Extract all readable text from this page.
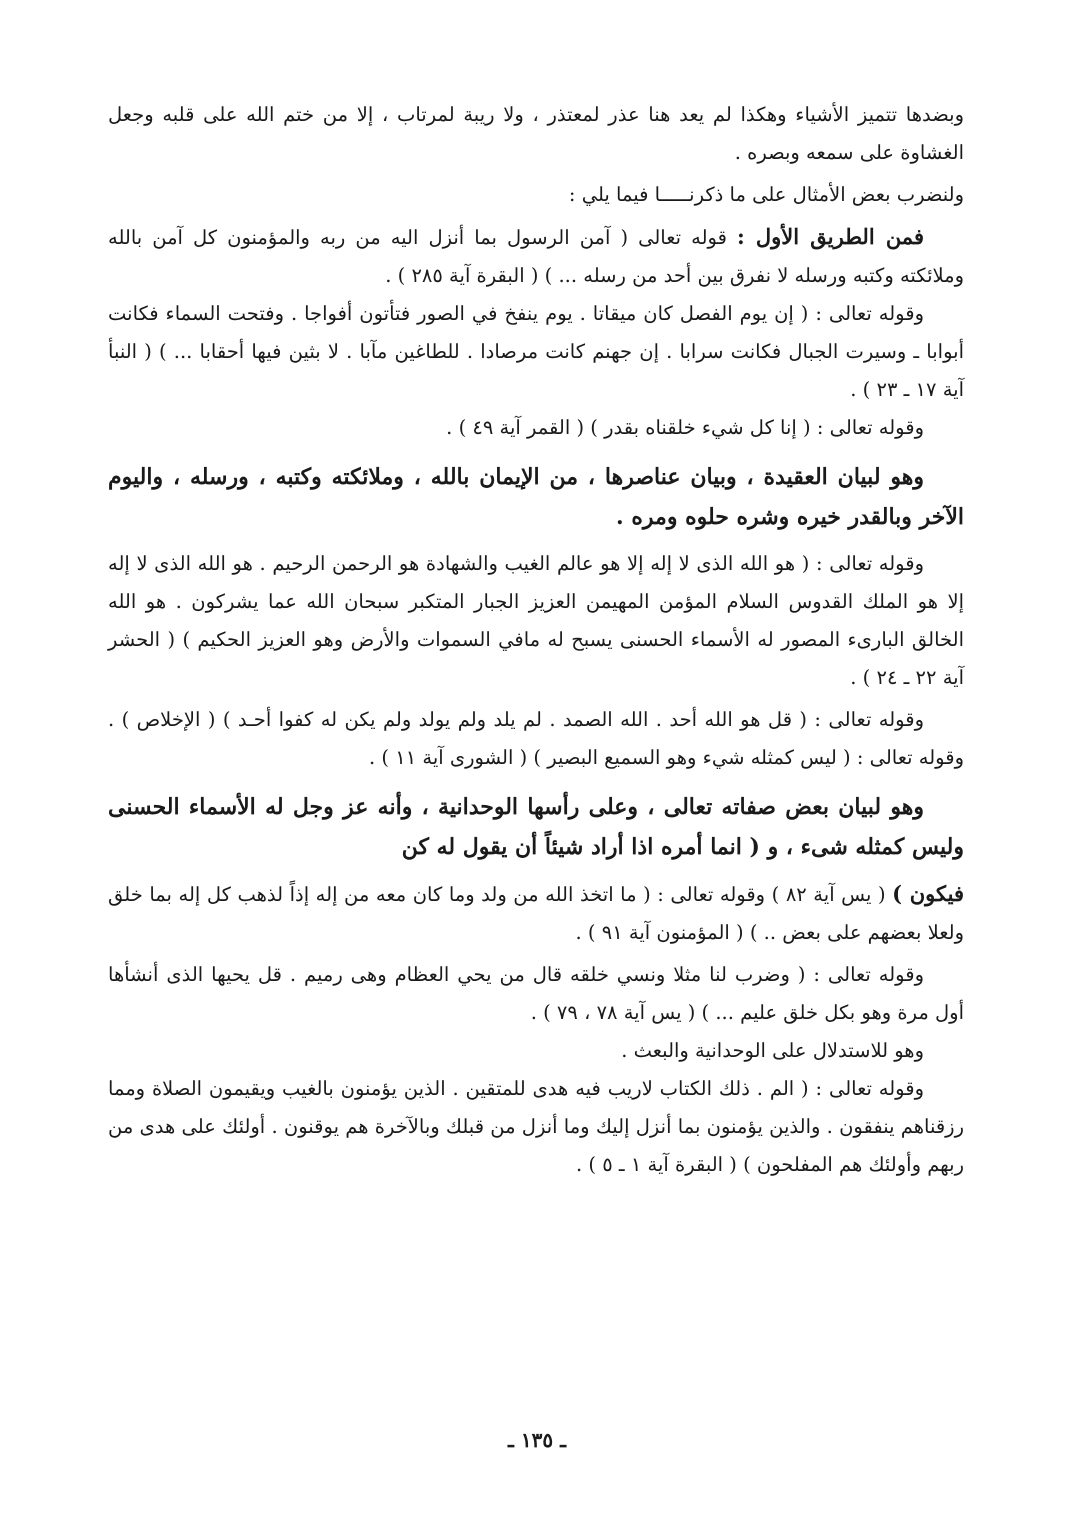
وبضدها تتميز الأشياء وهكذا لم يعد هنا عذر لمعتذر ، ولا ريبة لمرتاب ، إلا من ختم الله على قلبه وجعل الغشاوة على سمعه وبصره .

ولنضرب بعض الأمثال على ما ذكرنـــــا فيما يلي :

فمن الطريق الأول : قوله تعالى ( آمن الرسول بما أنزل اليه من ربه والمؤمنون كل آمن بالله وملائكته وكتبه ورسله لا نفرق بين أحد من رسله ... ) ( البقرة آية ٢٨٥ ) .

وقوله تعالى : ( إن يوم الفصل كان ميقاتا . يوم ينفخ في الصور فتأتون أفواجا . وفتحت السماء فكانت أبوابا ـ وسيرت الجبال فكانت سرابا . إن جهنم كانت مرصادا . للطاغين مآبا . لا بثين فيها أحقابا ... ) ( النبأ آية ١٧ ـ ٢٣ ) .

وقوله تعالى : ( إنا كل شيء خلقناه بقدر ) ( القمر آية ٤٩ ) .

وهو لبيان العقيدة ، وبيان عناصرها ، من الإيمان بالله ، وملائكته وكتبه ، ورسله ، واليوم الآخر وبالقدر خيره وشره حلوه ومره .

وقوله تعالى : ( هو الله الذى لا إله إلا هو عالم الغيب والشهادة هو الرحمن الرحيم . هو الله الذى لا إله إلا هو الملك القدوس السلام المؤمن المهيمن العزيز الجبار المتكبر سبحان الله عما يشركون . هو الله الخالق البارىء المصور له الأسماء الحسنى يسبح له مافي السموات والأرض وهو العزيز الحكيم ) ( الحشر آية ٢٢ ـ ٢٤ ) .

وقوله تعالى : ( قل هو الله أحد . الله الصمد . لم يلد ولم يولد ولم يكن له كفوا أحـد ) ( الإخلاص ) . وقوله تعالى : ( ليس كمثله شيء وهو السميع البصير ) ( الشورى آية ١١ ) .

وهو لبيان بعض صفاته تعالى ، وعلى رأسها الوحدانية ، وأنه عز وجل له الأسماء الحسنى وليس كمثله شىء ، و ( انما أمره اذا أراد شيئاً أن يقول له كن

فيكون ) ( يس آية ٨٢ ) وقوله تعالى : ( ما اتخذ الله من ولد وما كان معه من إله إذاً لذهب كل إله بما خلق ولعلا بعضهم على بعض .. ) ( المؤمنون آية ٩١ ) .

وقوله تعالى : ( وضرب لنا مثلا ونسي خلقه قال من يحي العظام وهى رميم . قل يحيها الذى أنشأها أول مرة وهو بكل خلق عليم ... ) ( يس آية ٧٨ ، ٧٩ ) .

وهو للاستدلال على الوحدانية والبعث .

وقوله تعالى : ( الم . ذلك الكتاب لاريب فيه هدى للمتقين . الذين يؤمنون بالغيب ويقيمون الصلاة ومما رزقناهم ينفقون . والذين يؤمنون بما أنزل إليك وما أنزل من قبلك وبالآخرة هم يوقنون . أولئك على هدى من ربهم وأولئك هم المفلحون ) ( البقرة آية ١ ـ ٥ ) .

ـ ١٣٥ ـ
